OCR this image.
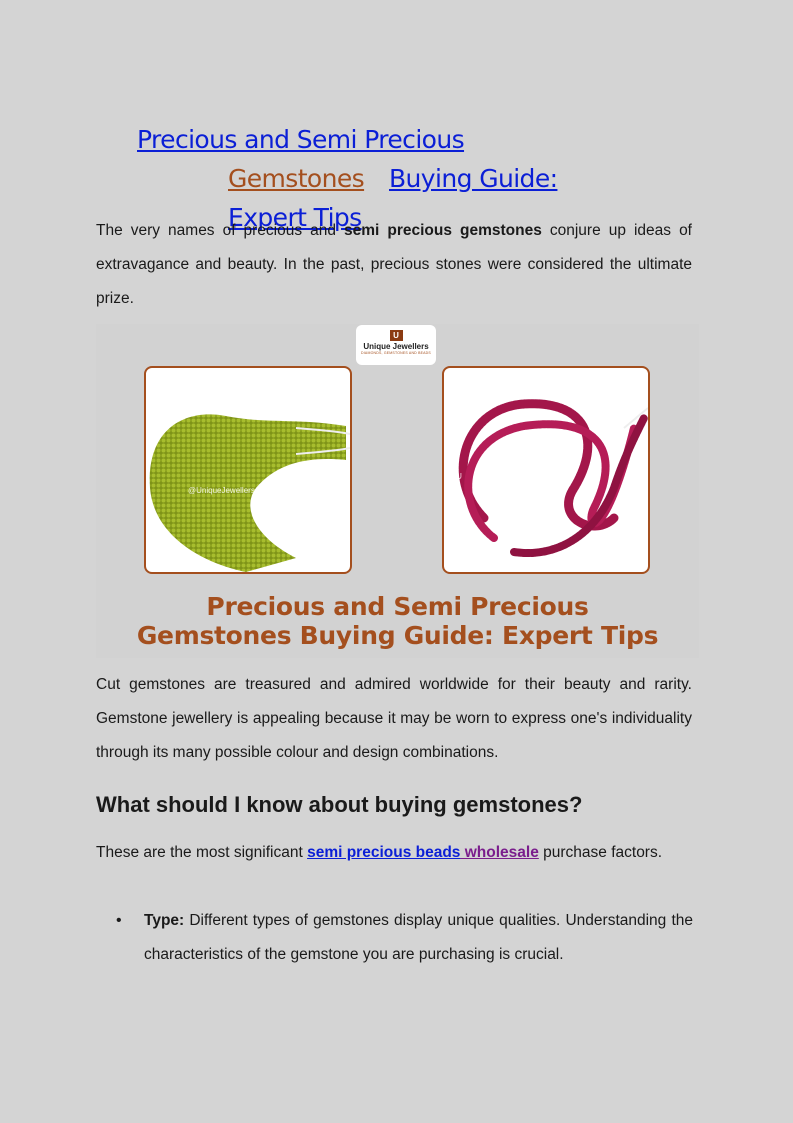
Precious and Semi Precious
Gemstones Buying Guide:
Expert Tips

The very names of precious and semi precious gemstones conjure up ideas of extravagance and beauty. In the past, precious stones were considered the ultimate prize.

U
Unique Jewellers
DIAMONDS, GEMSTONES AND BEADS
@UniqueJewellersJaipur.com
@U
Precious and Semi Precious
Gemstones Buying Guide: Expert Tips

Cut gemstones are treasured and admired worldwide for their beauty and rarity. Gemstone jewellery is appealing because it may be worn to express one's individuality through its many possible colour and design combinations.

What should I know about buying gemstones?

These are the most significant semi precious beads wholesale purchase factors.

• Type: Different types of gemstones display unique qualities. Understanding the characteristics of the gemstone you are purchasing is crucial.
